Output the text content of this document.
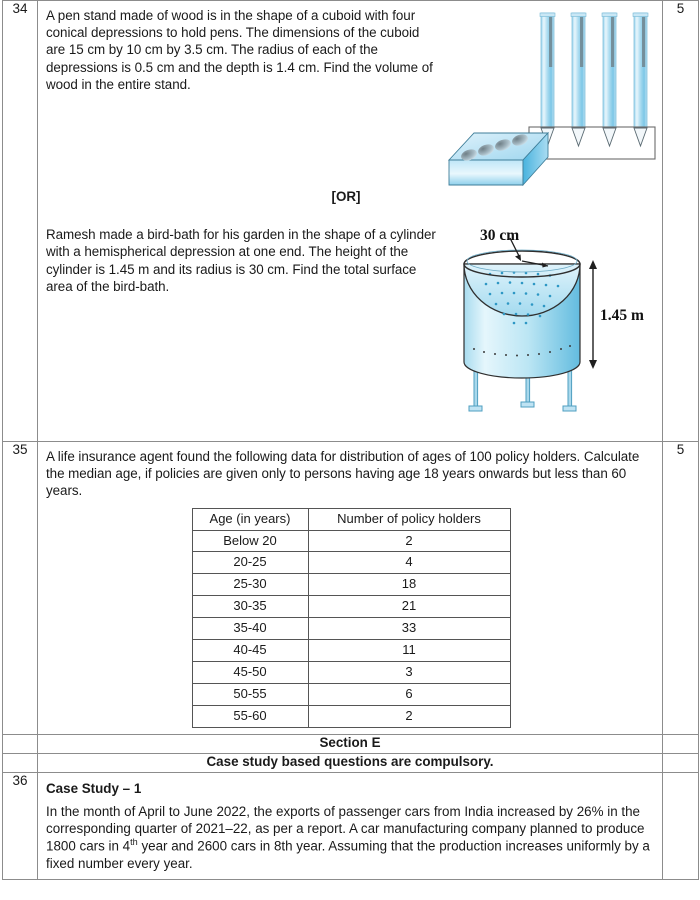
34	A pen stand made of wood is in the shape of a cuboid with four conical depressions to hold pens. The dimensions of the cuboid are 15 cm by 10 cm by 3.5 cm. The radius of each of the depressions is 0.5 cm and the depth is 1.4 cm. Find the volume of wood in the entire stand.
[OR]
Ramesh made a bird-bath for his garden in the shape of a cylinder with a hemispherical depression at one end. The height of the cylinder is 1.45 m and its radius is 30 cm. Find the total surface area of the bird-bath.
30 cm
1.45 m
	5
35	A life insurance agent found the following data for distribution of ages of 100 policy holders. Calculate the median age, if policies are given only to persons having age 18 years onwards but less than 60 years.
Age (in years)	Number of policy holders
Below 20	2
20-25	4
25-30	18
30-35	21
35-40	33
40-45	11
45-50	3
50-55	6
55-60	2
	5
	Section E	
	Case study based questions are compulsory.	
36	
Case Study – 1
In the month of April to June 2022, the exports of passenger cars from India increased by 26% in the corresponding quarter of 2021–22, as per a report. A car manufacturing company planned to produce 1800 cars in 4th year and 2600 cars in 8th year. Assuming that the production increases uniformly by a fixed number every year.
